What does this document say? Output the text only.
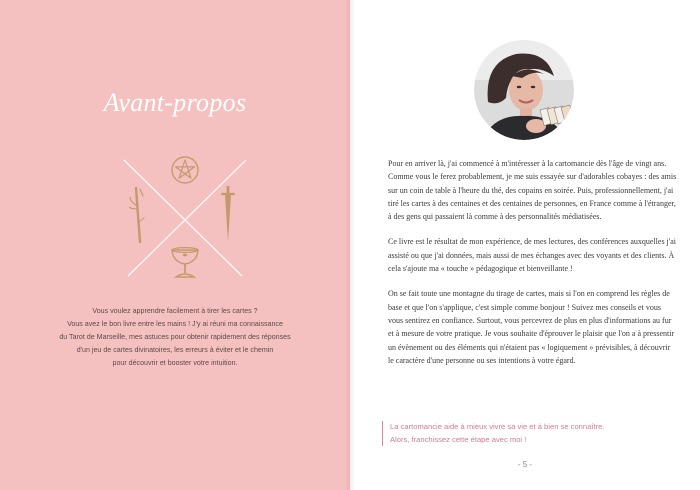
Avant-propos

Vous voulez apprendre facilement à tirer les cartes ?

Vous avez le bon livre entre les mains ! J'y ai réuni ma connaissance

du Tarot de Marseille, mes astuces pour obtenir rapidement des réponses

d'un jeu de cartes divinatoires, les erreurs à éviter et le chemin

pour découvrir et booster votre intuition.

Pour en arriver là, j'ai commencé à m'intéresser à la cartomancie dès l'âge de vingt ans. Comme vous le ferez probablement, je me suis essayée sur d'adorables cobayes : des amis sur un coin de table à l'heure du thé, des copains en soirée. Puis, professionnellement, j'ai tiré les cartes à des centaines et des centaines de personnes, en France comme à l'étranger, à des gens qui passaient là comme à des personnalités médiatisées.

Ce livre est le résultat de mon expérience, de mes lectures, des conférences auxquelles j'ai assisté ou que j'ai données, mais aussi de mes échanges avec des voyants et des clients. À cela s'ajoute ma « touche » pédagogique et bienveillante !

On se fait toute une montagne du tirage de cartes, mais si l'on en comprend les règles de base et que l'on s'applique, c'est simple comme bonjour ! Suivez mes conseils et vous vous sentirez en confiance. Surtout, vous percevrez de plus en plus d'informations au fur et à mesure de votre pratique. Je vous souhaite d'éprouver le plaisir que l'on a à pressentir un évènement ou des éléments qui n'étaient pas « logiquement » prévisibles, à découvrir le caractère d'une personne ou ses intentions à votre égard.

La cartomancie aide à mieux vivre sa vie et à bien se connaître.
Alors, franchissez cette étape avec moi !
- 5 -
